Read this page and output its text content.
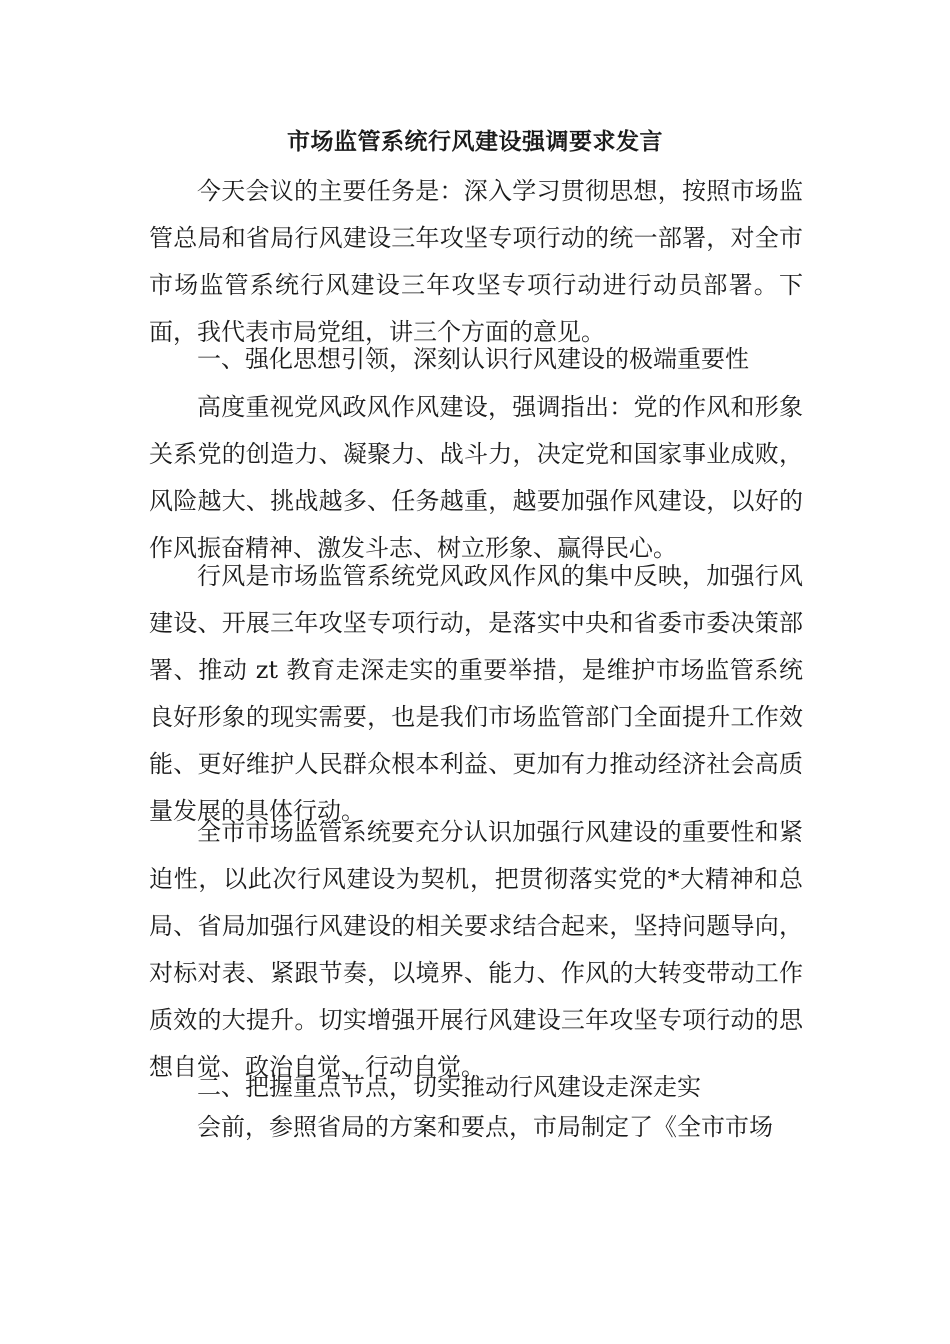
市场监管系统行风建设强调要求发言

今天会议的主要任务是：深入学习贯彻思想，按照市场监管总局和省局行风建设三年攻坚专项行动的统一部署，对全市市场监管系统行风建设三年攻坚专项行动进行动员部署。下面，我代表市局党组，讲三个方面的意见。

一、强化思想引领，深刻认识行风建设的极端重要性

高度重视党风政风作风建设，强调指出：党的作风和形象关系党的创造力、凝聚力、战斗力，决定党和国家事业成败，风险越大、挑战越多、任务越重，越要加强作风建设，以好的作风振奋精神、激发斗志、树立形象、赢得民心。

行风是市场监管系统党风政风作风的集中反映，加强行风建设、开展三年攻坚专项行动，是落实中央和省委市委决策部署、推动 zt 教育走深走实的重要举措，是维护市场监管系统良好形象的现实需要，也是我们市场监管部门全面提升工作效能、更好维护人民群众根本利益、更加有力推动经济社会高质量发展的具体行动。

全市市场监管系统要充分认识加强行风建设的重要性和紧迫性，以此次行风建设为契机，把贯彻落实党的*大精神和总局、省局加强行风建设的相关要求结合起来，坚持问题导向，对标对表、紧跟节奏，以境界、能力、作风的大转变带动工作质效的大提升。切实增强开展行风建设三年攻坚专项行动的思想自觉、政治自觉、行动自觉。

二、把握重点节点，切实推动行风建设走深走实

会前，参照省局的方案和要点，市局制定了《全市市场
